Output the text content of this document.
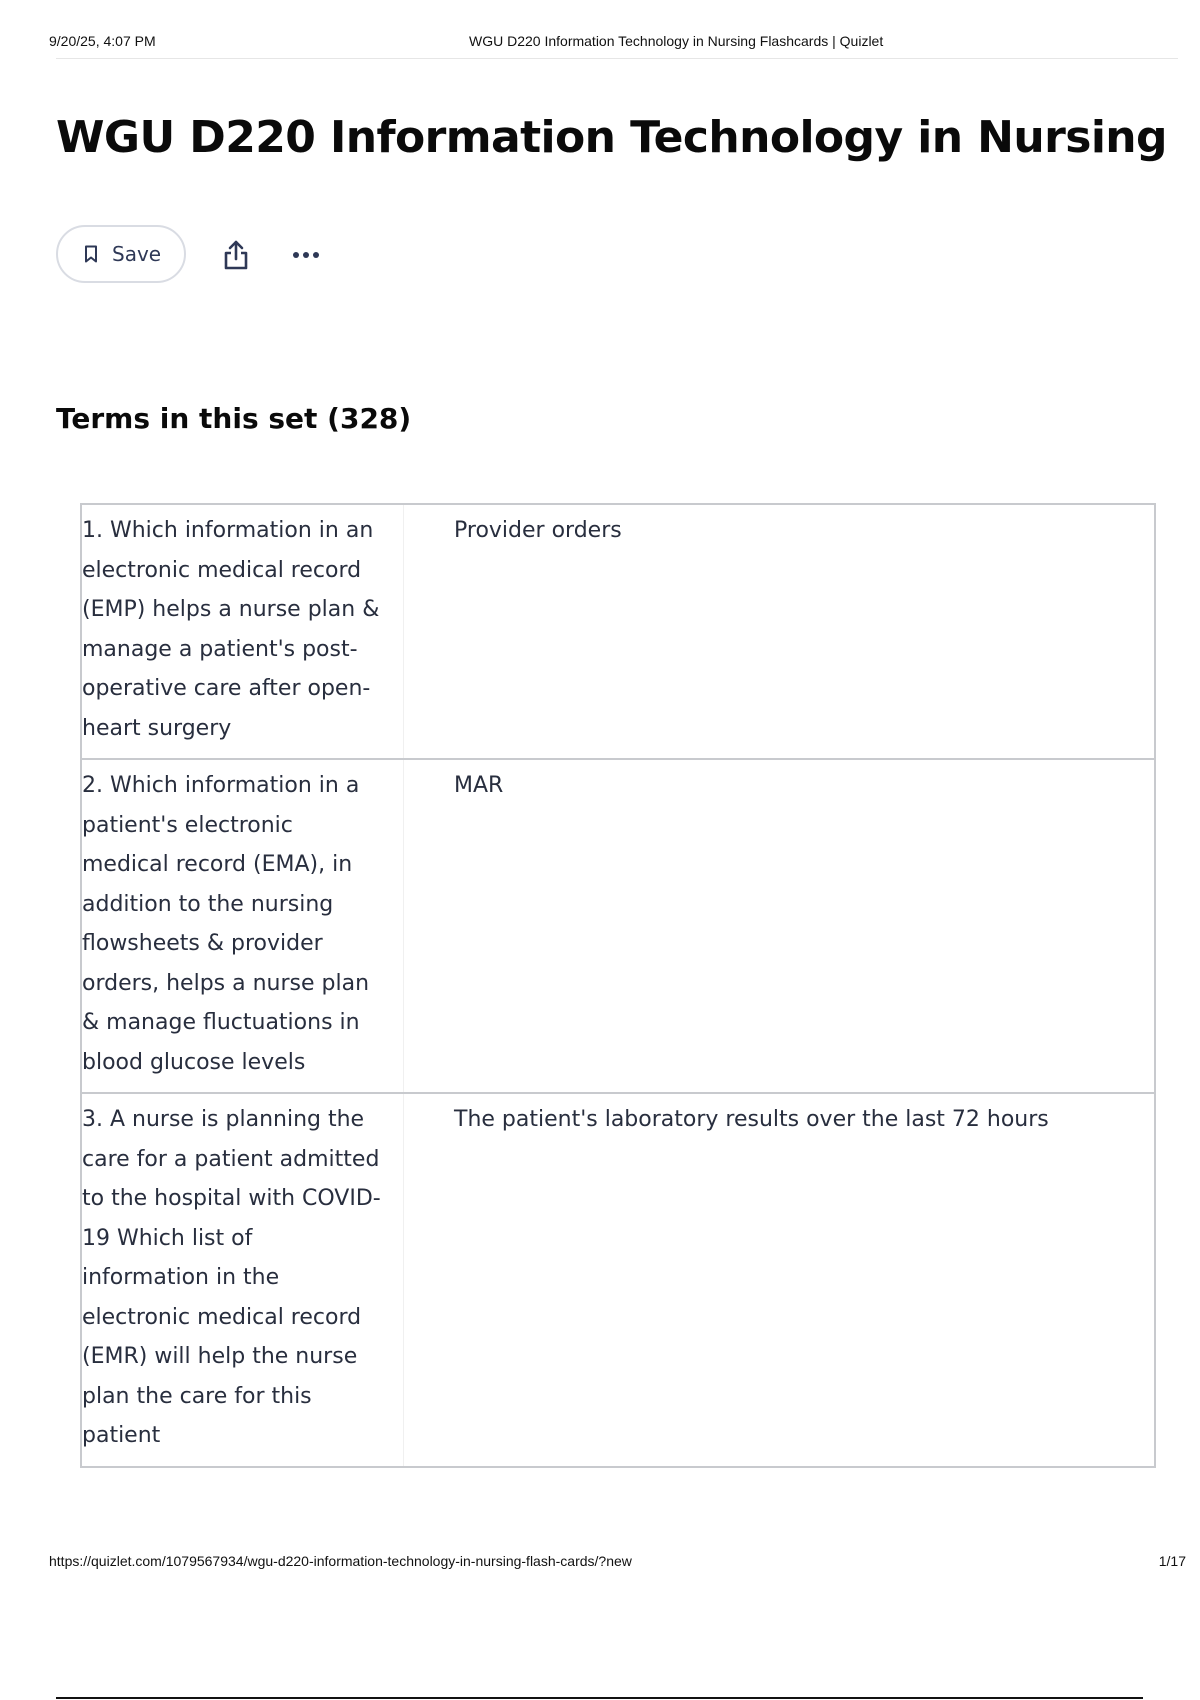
9/20/25, 4:07 PM	WGU D220 Information Technology in Nursing Flashcards | Quizlet
WGU D220 Information Technology in Nursing
Save
Terms in this set (328)
1. Which information in an electronic medical record (EMP) helps a nurse plan & manage a patient's post-operative care after open-heart surgery
Provider orders
2. Which information in a patient's electronic medical record (EMA), in addition to the nursing flowsheets & provider orders, helps a nurse plan & manage fluctuations in blood glucose levels
MAR
3. A nurse is planning the care for a patient admitted to the hospital with COVID-19 Which list of information in the electronic medical record (EMR) will help the nurse plan the care for this patient
The patient's laboratory results over the last 72 hours
https://quizlet.com/1079567934/wgu-d220-information-technology-in-nursing-flash-cards/?new	1/17
